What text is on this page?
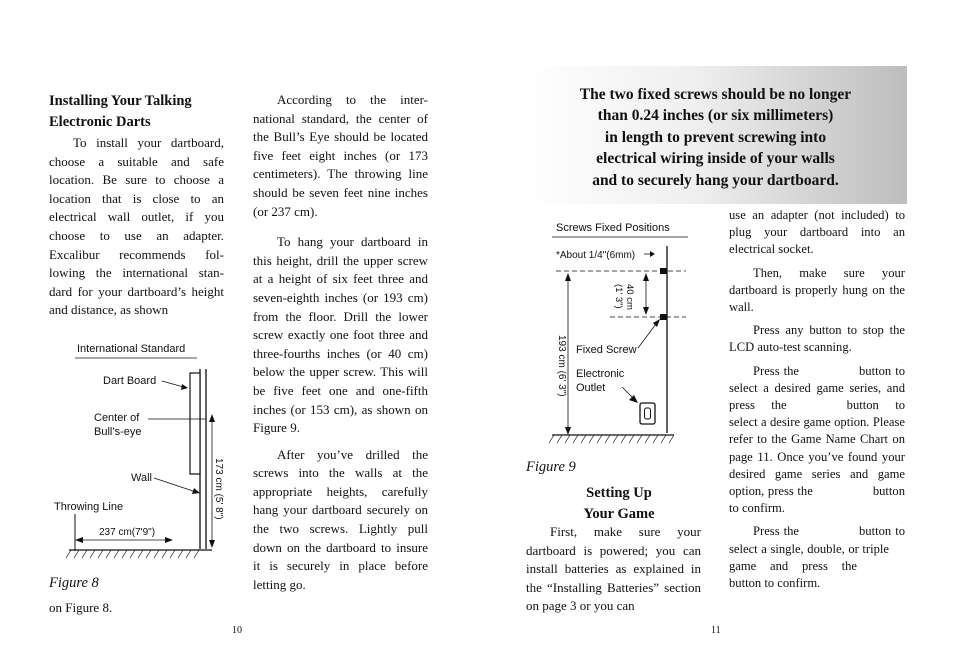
Installing Your Talking
Electronic Darts

To install your dartboard, choose a suitable and safe location. Be sure to choose a location that is close to an electrical wall outlet, if you choose to use an adapter. Excalibur recommends fol-lowing the international stan-dard for your dartboard’s height and distance, as shown

International Standard
173 cm (5' 8")
Dart Board
Center of
Bull’s-eye
Wall
Throwing Line
237 cm(7'9")
Figure 8
on Figure 8.

According to the inter-national standard, the center of the Bull’s Eye should be located five feet eight inches (or 173 centimeters). The throwing line should be seven feet nine inches (or 237 cm).

To hang your dartboard in this height, drill the upper screw at a height of six feet three and seven-eighth inches (or 193 cm) from the floor. Drill the lower screw exactly one foot three and three-fourths inches (or 40 cm) below the upper screw. This will be five feet one and one-fifth inches (or 153 cm), as shown on Figure 9.

After you’ve drilled the screws into the walls at the appropriate heights, carefully hang your dartboard securely on the two screws. Lightly pull down on the dartboard to insure it is securely in place before letting go.

10
The two fixed screws should be no longer
than 0.24 inches (or six millimeters)
in length to prevent screwing into
electrical wiring inside of your walls
and to securely hang your dartboard.
Screws Fixed Positions
*About 1/4"(6mm)
40 cm
(1' 3")
193 cm (6' 3") Fixed Screw
Electronic
Outlet
Figure 9
Setting Up
Your Game

First, make sure your dartboard is powered; you can install batteries as explained in the “Installing Batteries” section on page 3 or you can

use an adapter (not included) to plug your dartboard into an electrical socket.

Then, make sure your dartboard is properly hung on the wall.

Press any button to stop the LCD auto-test scanning.

Press the	button to select a desired game series, and press the	button to select a desire game option. Please refer to the Game Name Chart on page 11. Once you’ve found your desired game series and game option, press the	button to confirm.

Press the	button to select a single, double, or triplegame and press thebutton to confirm.

11
